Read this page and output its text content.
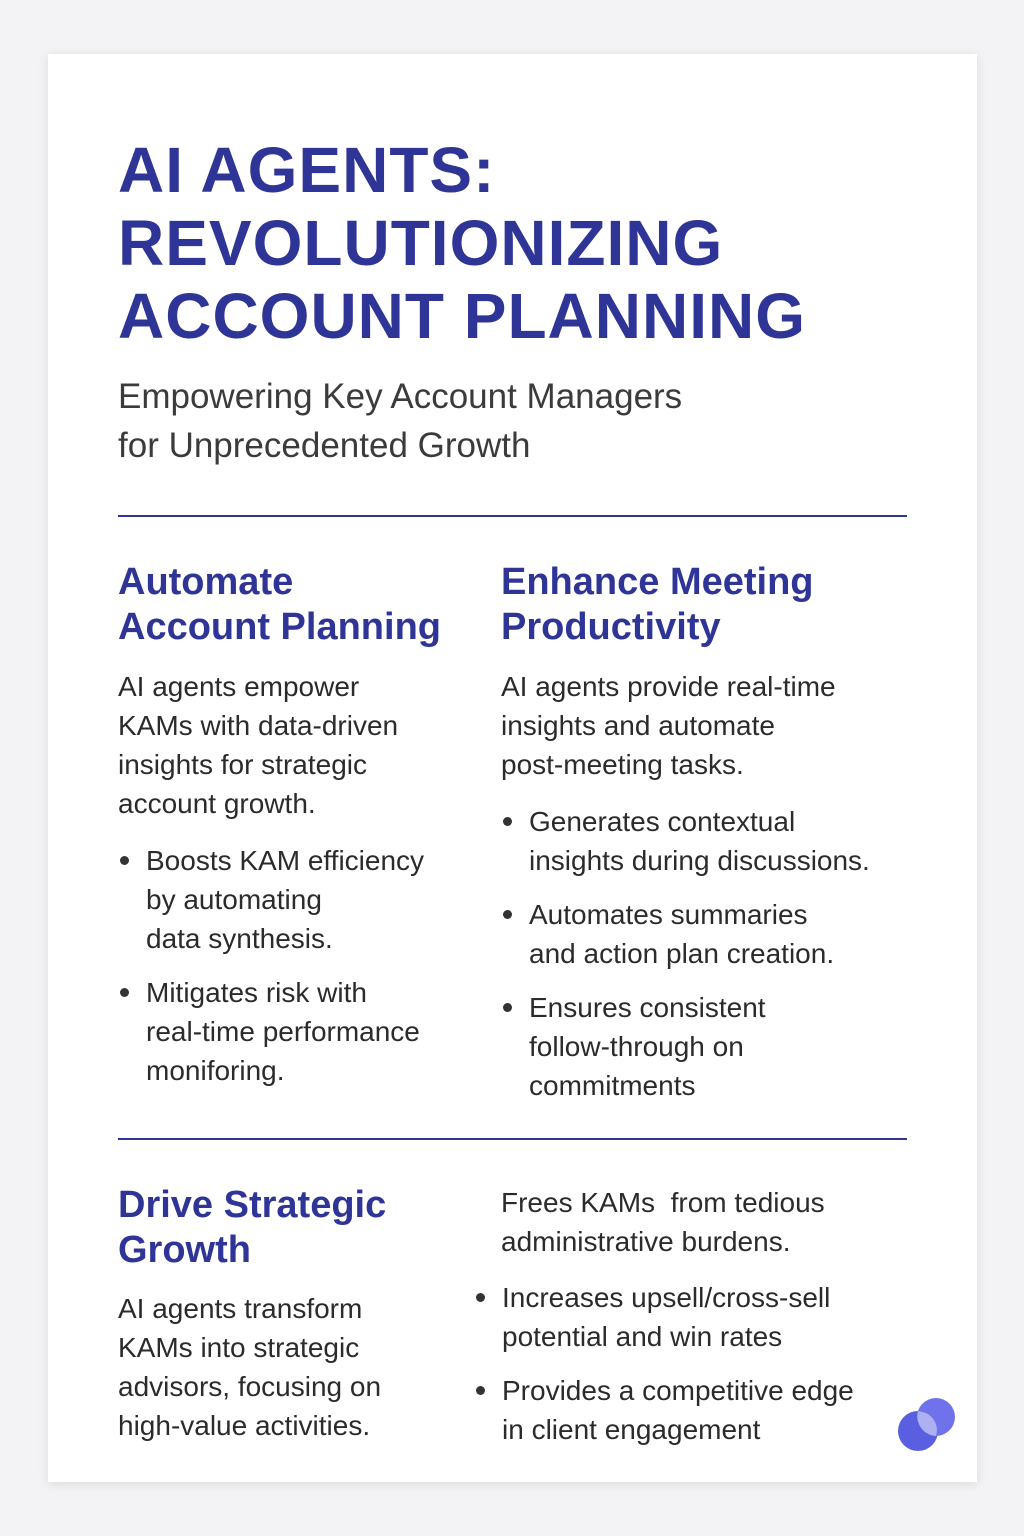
AI AGENTS:
REVOLUTIONIZING
ACCOUNT PLANNING
Empowering Key Account Managers
for Unprecedented Growth
Automate
Account Planning
AI agents empower
KAMs with data-driven
insights for strategic
account growth.
Boosts KAM efficiency
by automating
data synthesis.
Mitigates risk with
real-time performance
moniforing.
Enhance Meeting
Productivity
AI agents provide real-time
insights and automate
post-meeting tasks.
Generates contextual
insights during discussions.
Automates summaries
and action plan creation.
Ensures consistent
follow-through on
commitments
Drive Strategic
Growth
AI agents transform
KAMs into strategic
advisors, focusing on
high-value activities.
Frees KAMs  from tedious
administrative burdens.
Increases upsell/cross-sell
potential and win rates
Provides a competitive edge
in client engagement
